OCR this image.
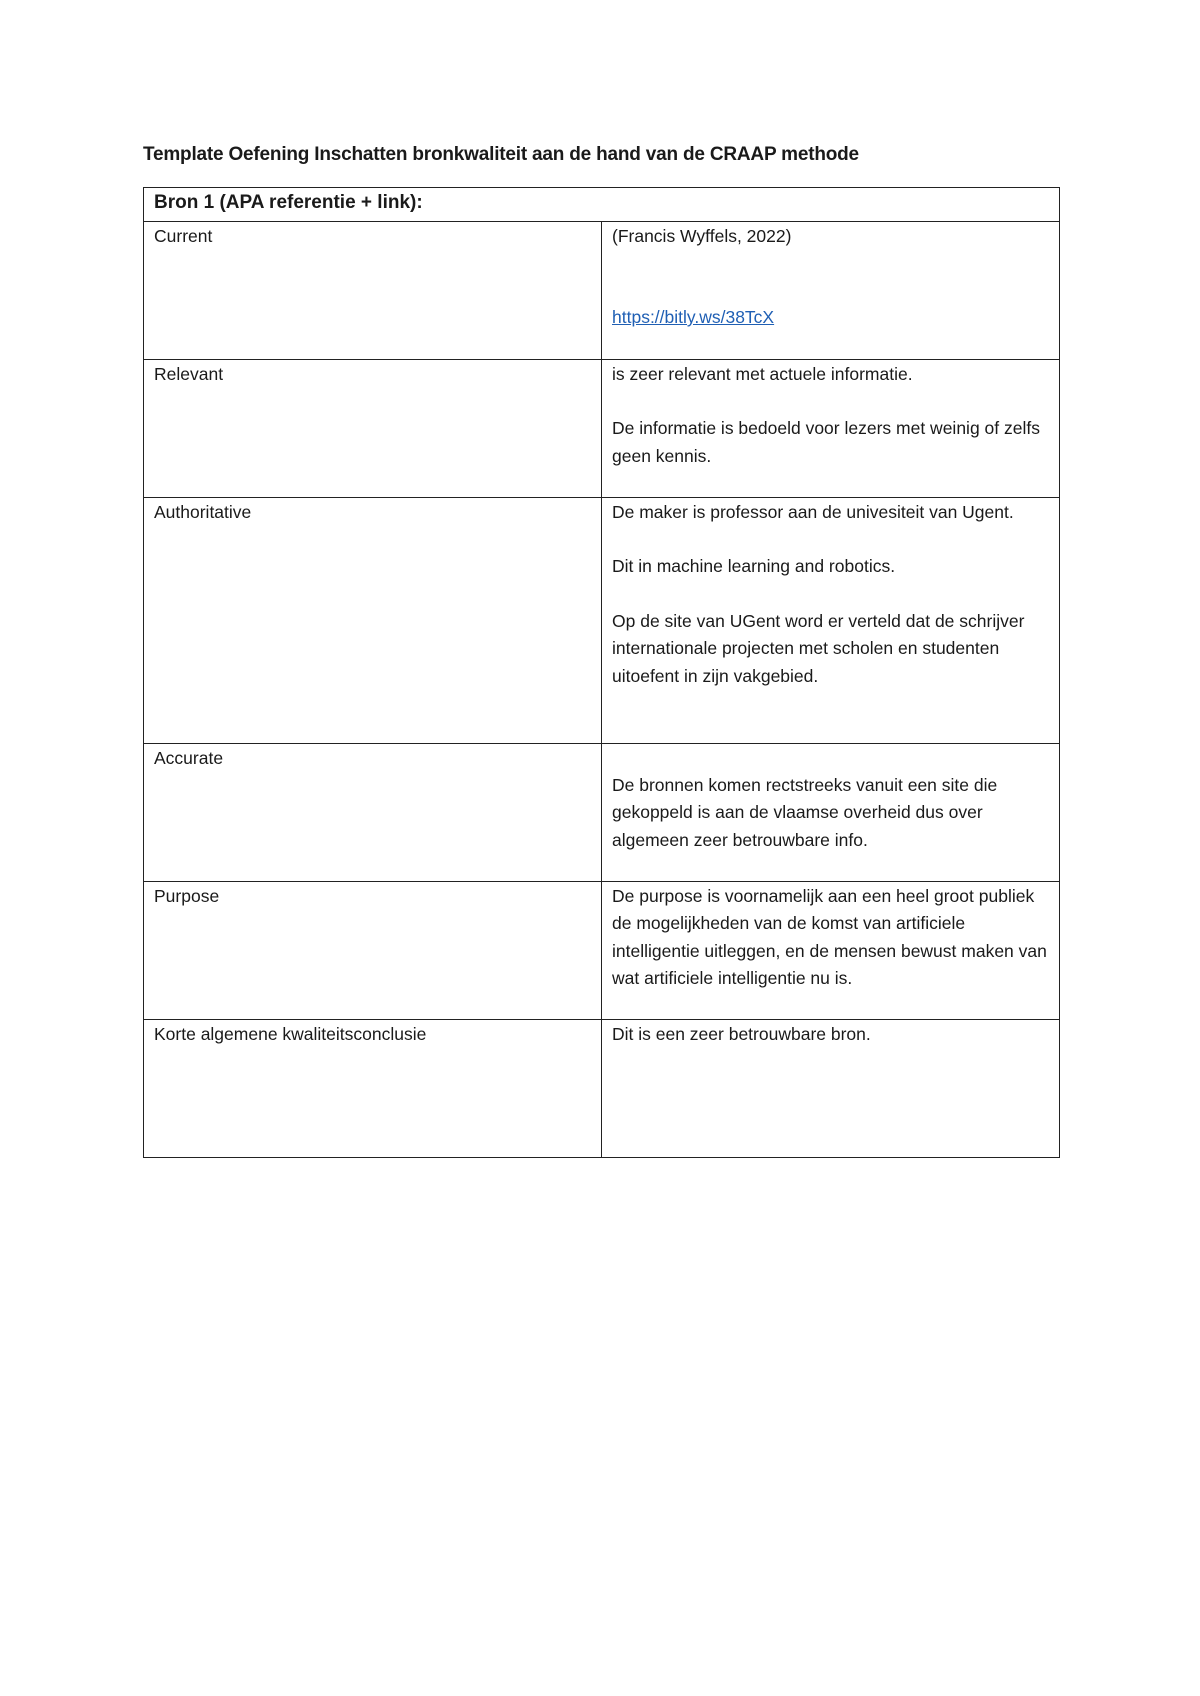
Template Oefening Inschatten bronkwaliteit aan de hand van de CRAAP methode
Bron 1 (APA referentie + link):	
Current	(Francis Wyffels, 2022)

https://bitly.ws/38TcX

Relevant	is zeer relevant met actuele informatie.

De informatie is bedoeld voor lezers met weinig of zelfs geen kennis.

Authoritative	De maker is professor aan de univesiteit van Ugent.

Dit in machine learning and robotics.

Op de site van UGent word er verteld dat de schrijver internationale projecten met scholen en studenten uitoefent in zijn vakgebied.

Accurate	De bronnen komen rectstreeks vanuit een site die gekoppeld is aan de vlaamse overheid dus over algemeen zeer betrouwbare info.

Purpose	De purpose is voornamelijk aan een heel groot publiek de mogelijkheden van de komst van artificiele intelligentie uitleggen, en de mensen bewust maken van wat artificiele intelligentie nu is.

Korte algemene kwaliteitsconclusie	Dit is een zeer betrouwbare bron.
